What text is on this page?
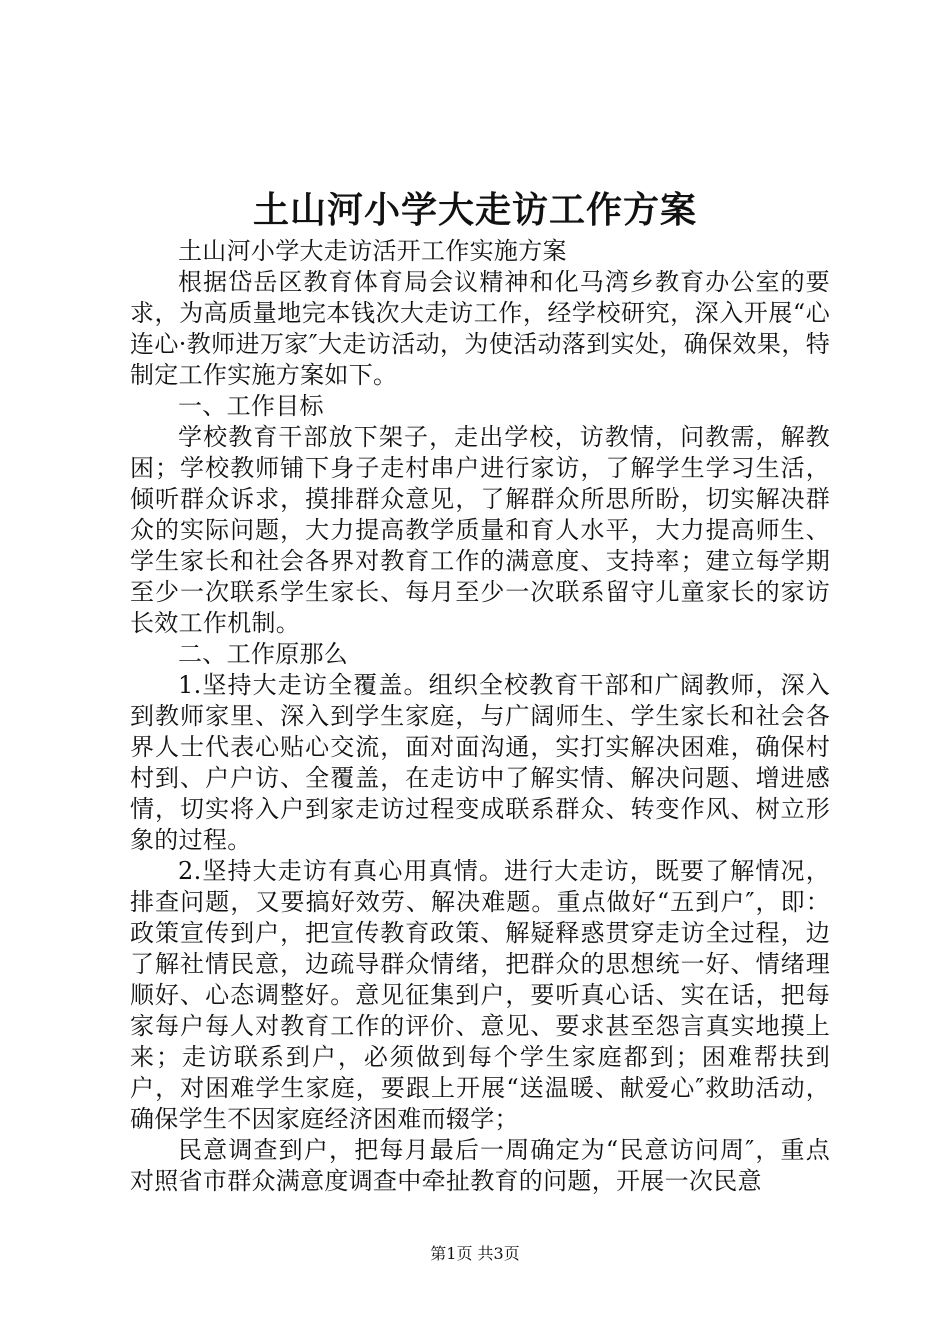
土山河小学大走访工作方案

土山河小学大走访活开工作实施方案

根据岱岳区教育体育局会议精神和化马湾乡教育办公室的要求，为高质量地完本钱次大走访工作，经学校研究，深入开展“心连心·教师进万家″大走访活动，为使活动落到实处，确保效果，特制定工作实施方案如下。

一、工作目标

学校教育干部放下架子，走出学校，访教情，问教需，解教困；学校教师铺下身子走村串户进行家访，了解学生学习生活，倾听群众诉求，摸排群众意见，了解群众所思所盼，切实解决群众的实际问题，大力提高教学质量和育人水平，大力提高师生、学生家长和社会各界对教育工作的满意度、支持率；建立每学期至少一次联系学生家长、每月至少一次联系留守儿童家长的家访长效工作机制。

二、工作原那么

1.坚持大走访全覆盖。组织全校教育干部和广阔教师，深入到教师家里、深入到学生家庭，与广阔师生、学生家长和社会各界人士代表心贴心交流，面对面沟通，实打实解决困难，确保村村到、户户访、全覆盖，在走访中了解实情、解决问题、增进感情，切实将入户到家走访过程变成联系群众、转变作风、树立形象的过程。

2.坚持大走访有真心用真情。进行大走访，既要了解情况，排查问题，又要搞好效劳、解决难题。重点做好“五到户″，即：政策宣传到户，把宣传教育政策、解疑释惑贯穿走访全过程，边了解社情民意，边疏导群众情绪，把群众的思想统一好、情绪理顺好、心态调整好。意见征集到户，要听真心话、实在话，把每家每户每人对教育工作的评价、意见、要求甚至怨言真实地摸上来；走访联系到户，必须做到每个学生家庭都到；困难帮扶到户，对困难学生家庭，要跟上开展“送温暖、献爱心″救助活动，确保学生不因家庭经济困难而辍学；

民意调查到户，把每月最后一周确定为“民意访问周″，重点对照省市群众满意度调查中牵扯教育的问题，开展一次民意

第1页 共3页
